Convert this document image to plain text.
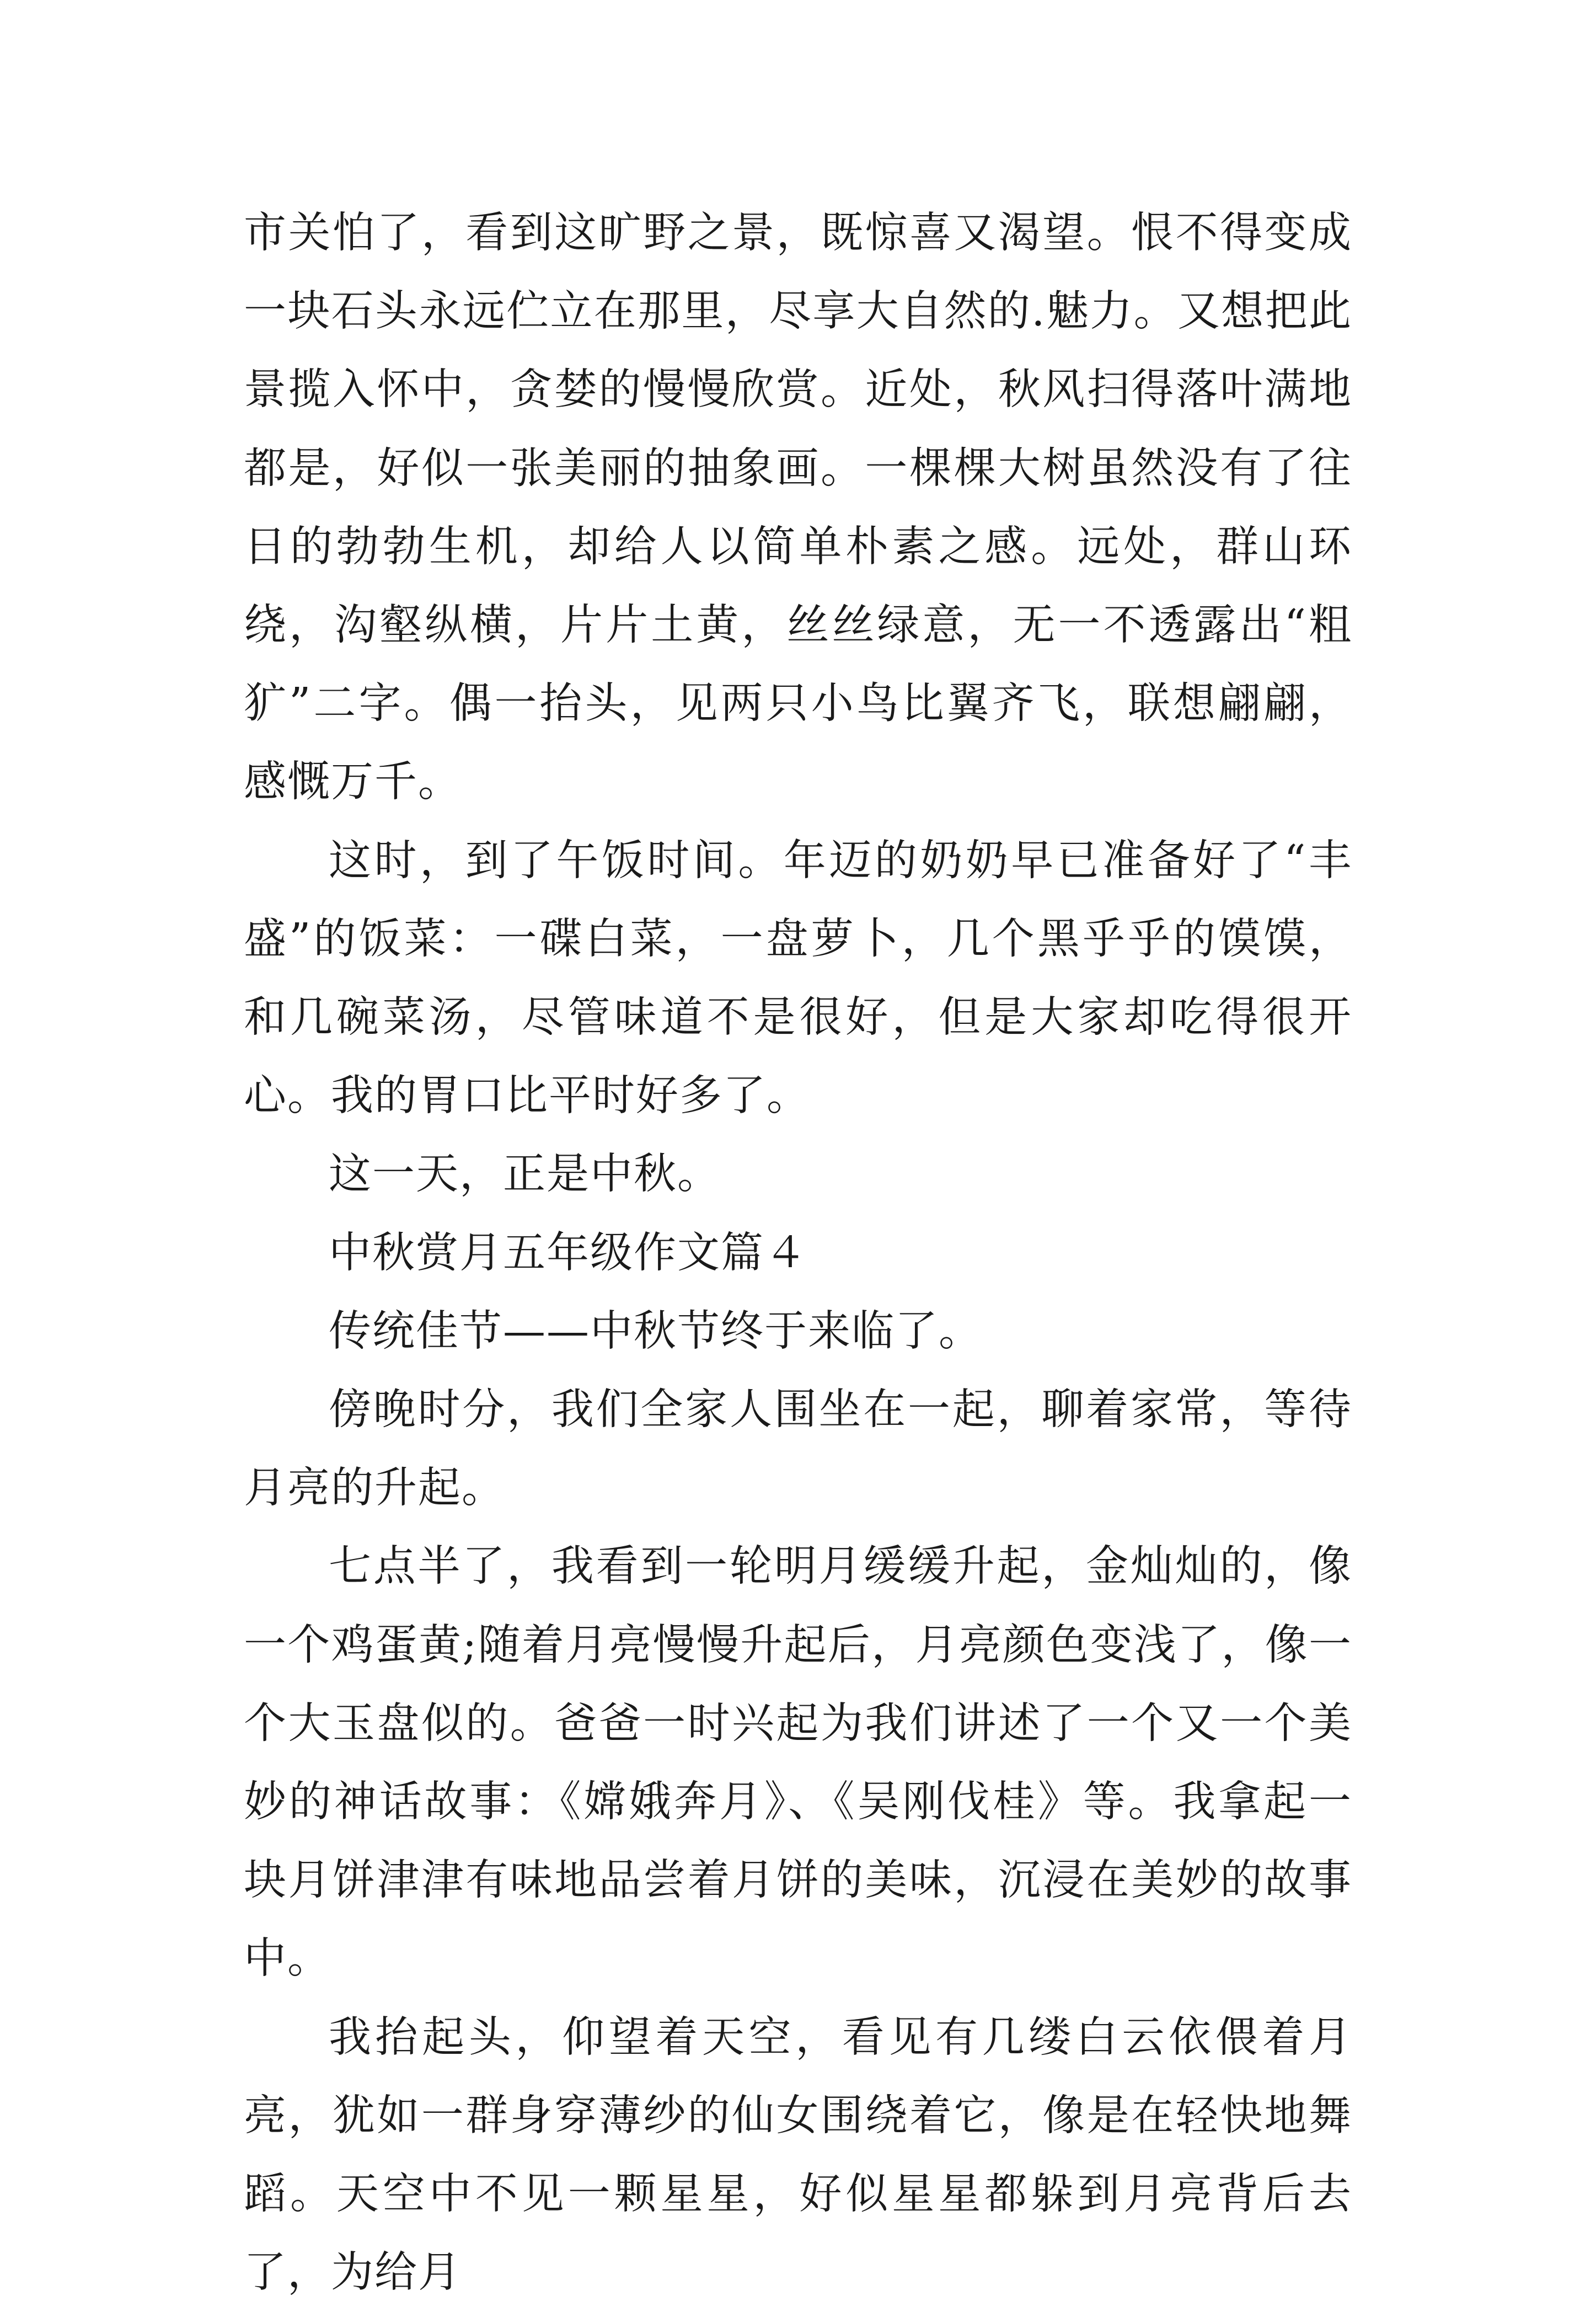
市关怕了，看到这旷野之景，既惊喜又渴望。恨不得变成一块石头永远伫立在那里，尽享大自然的.魅力。又想把此景揽入怀中，贪婪的慢慢欣赏。近处，秋风扫得落叶满地都是，好似一张美丽的抽象画。一棵棵大树虽然没有了往日的勃勃生机，却给人以简单朴素之感。远处，群山环绕，沟壑纵横，片片土黄，丝丝绿意，无一不透露出“粗犷”二字。偶一抬头，见两只小鸟比翼齐飞，联想翩翩，感慨万千。

这时，到了午饭时间。年迈的奶奶早已准备好了“丰盛”的饭菜：一碟白菜，一盘萝卜，几个黑乎乎的馍馍，和几碗菜汤，尽管味道不是很好，但是大家却吃得很开心。我的胃口比平时好多了。

这一天，正是中秋。

中秋赏月五年级作文篇４

传统佳节——中秋节终于来临了。

傍晚时分，我们全家人围坐在一起，聊着家常，等待月亮的升起。

七点半了，我看到一轮明月缓缓升起，金灿灿的，像一个鸡蛋黄;随着月亮慢慢升起后，月亮颜色变浅了，像一个大玉盘似的。爸爸一时兴起为我们讲述了一个又一个美妙的神话故事：《嫦娥奔月》、《吴刚伐桂》等。我拿起一块月饼津津有味地品尝着月饼的美味，沉浸在美妙的故事中。

我抬起头，仰望着天空，看见有几缕白云依偎着月亮，犹如一群身穿薄纱的仙女围绕着它，像是在轻快地舞蹈。天空中不见一颗星星，好似星星都躲到月亮背后去了，为给月
